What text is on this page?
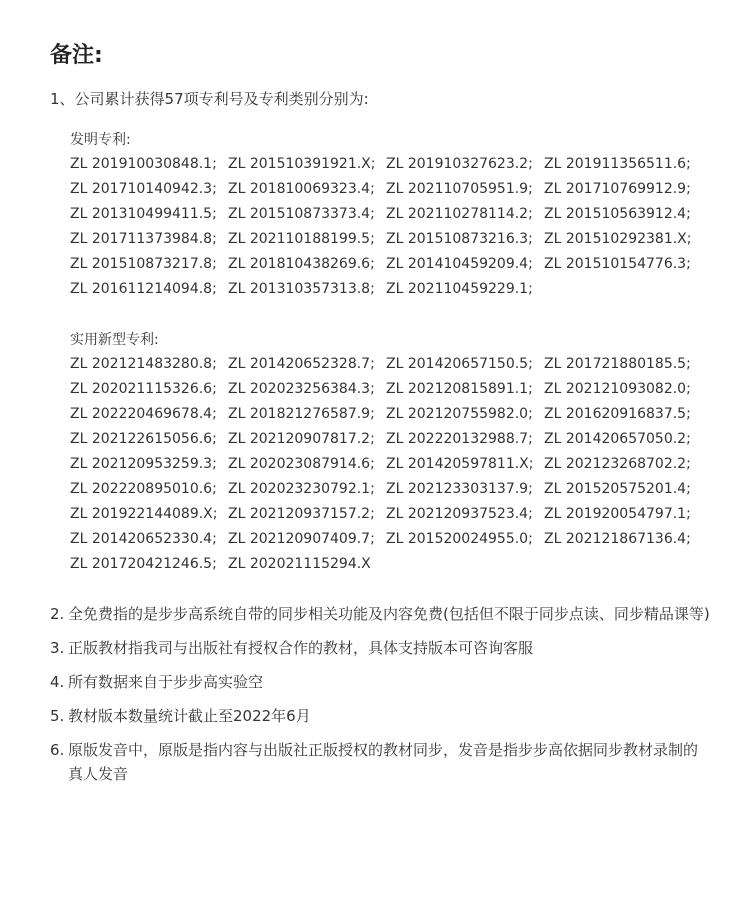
备注:
1、公司累计获得57项专利号及专利类别分别为:
发明专利:
ZL 201910030848.1; ZL 201510391921.X; ZL 201910327623.2; ZL 201911356511.6;
ZL 201710140942.3; ZL 201810069323.4; ZL 202110705951.9; ZL 201710769912.9;
ZL 201310499411.5; ZL 201510873373.4; ZL 202110278114.2; ZL 201510563912.4;
ZL 201711373984.8; ZL 202110188199.5; ZL 201510873216.3; ZL 201510292381.X;
ZL 201510873217.8; ZL 201810438269.6; ZL 201410459209.4; ZL 201510154776.3;
ZL 201611214094.8; ZL 201310357313.8; ZL 202110459229.1;
实用新型专利:
ZL 202121483280.8; ZL 201420652328.7; ZL 201420657150.5; ZL 201721880185.5;
ZL 202021115326.6; ZL 202023256384.3; ZL 202120815891.1; ZL 202121093082.0;
ZL 202220469678.4; ZL 201821276587.9; ZL 202120755982.0; ZL 201620916837.5;
ZL 202122615056.6; ZL 202120907817.2; ZL 202220132988.7; ZL 201420657050.2;
ZL 202120953259.3; ZL 202023087914.6; ZL 201420597811.X; ZL 202123268702.2;
ZL 202220895010.6; ZL 202023230792.1; ZL 202123303137.9; ZL 201520575201.4;
ZL 201922144089.X; ZL 202120937157.2; ZL 202120937523.4; ZL 201920054797.1;
ZL 201420652330.4; ZL 202120907409.7; ZL 201520024955.0; ZL 202121867136.4;
ZL 201720421246.5; ZL 202021115294.X
2. 全免费指的是步步高系统自带的同步相关功能及内容免费(包括但不限于同步点读、同步精品课等)
3. 正版教材指我司与出版社有授权合作的教材，具体支持版本可咨询客服
4. 所有数据来自于步步高实验空
5. 教材版本数量统计截止至2022年6月
6. 原版发音中，原版是指内容与出版社正版授权的教材同步，发音是指步步高依据同步教材录制的真人发音
